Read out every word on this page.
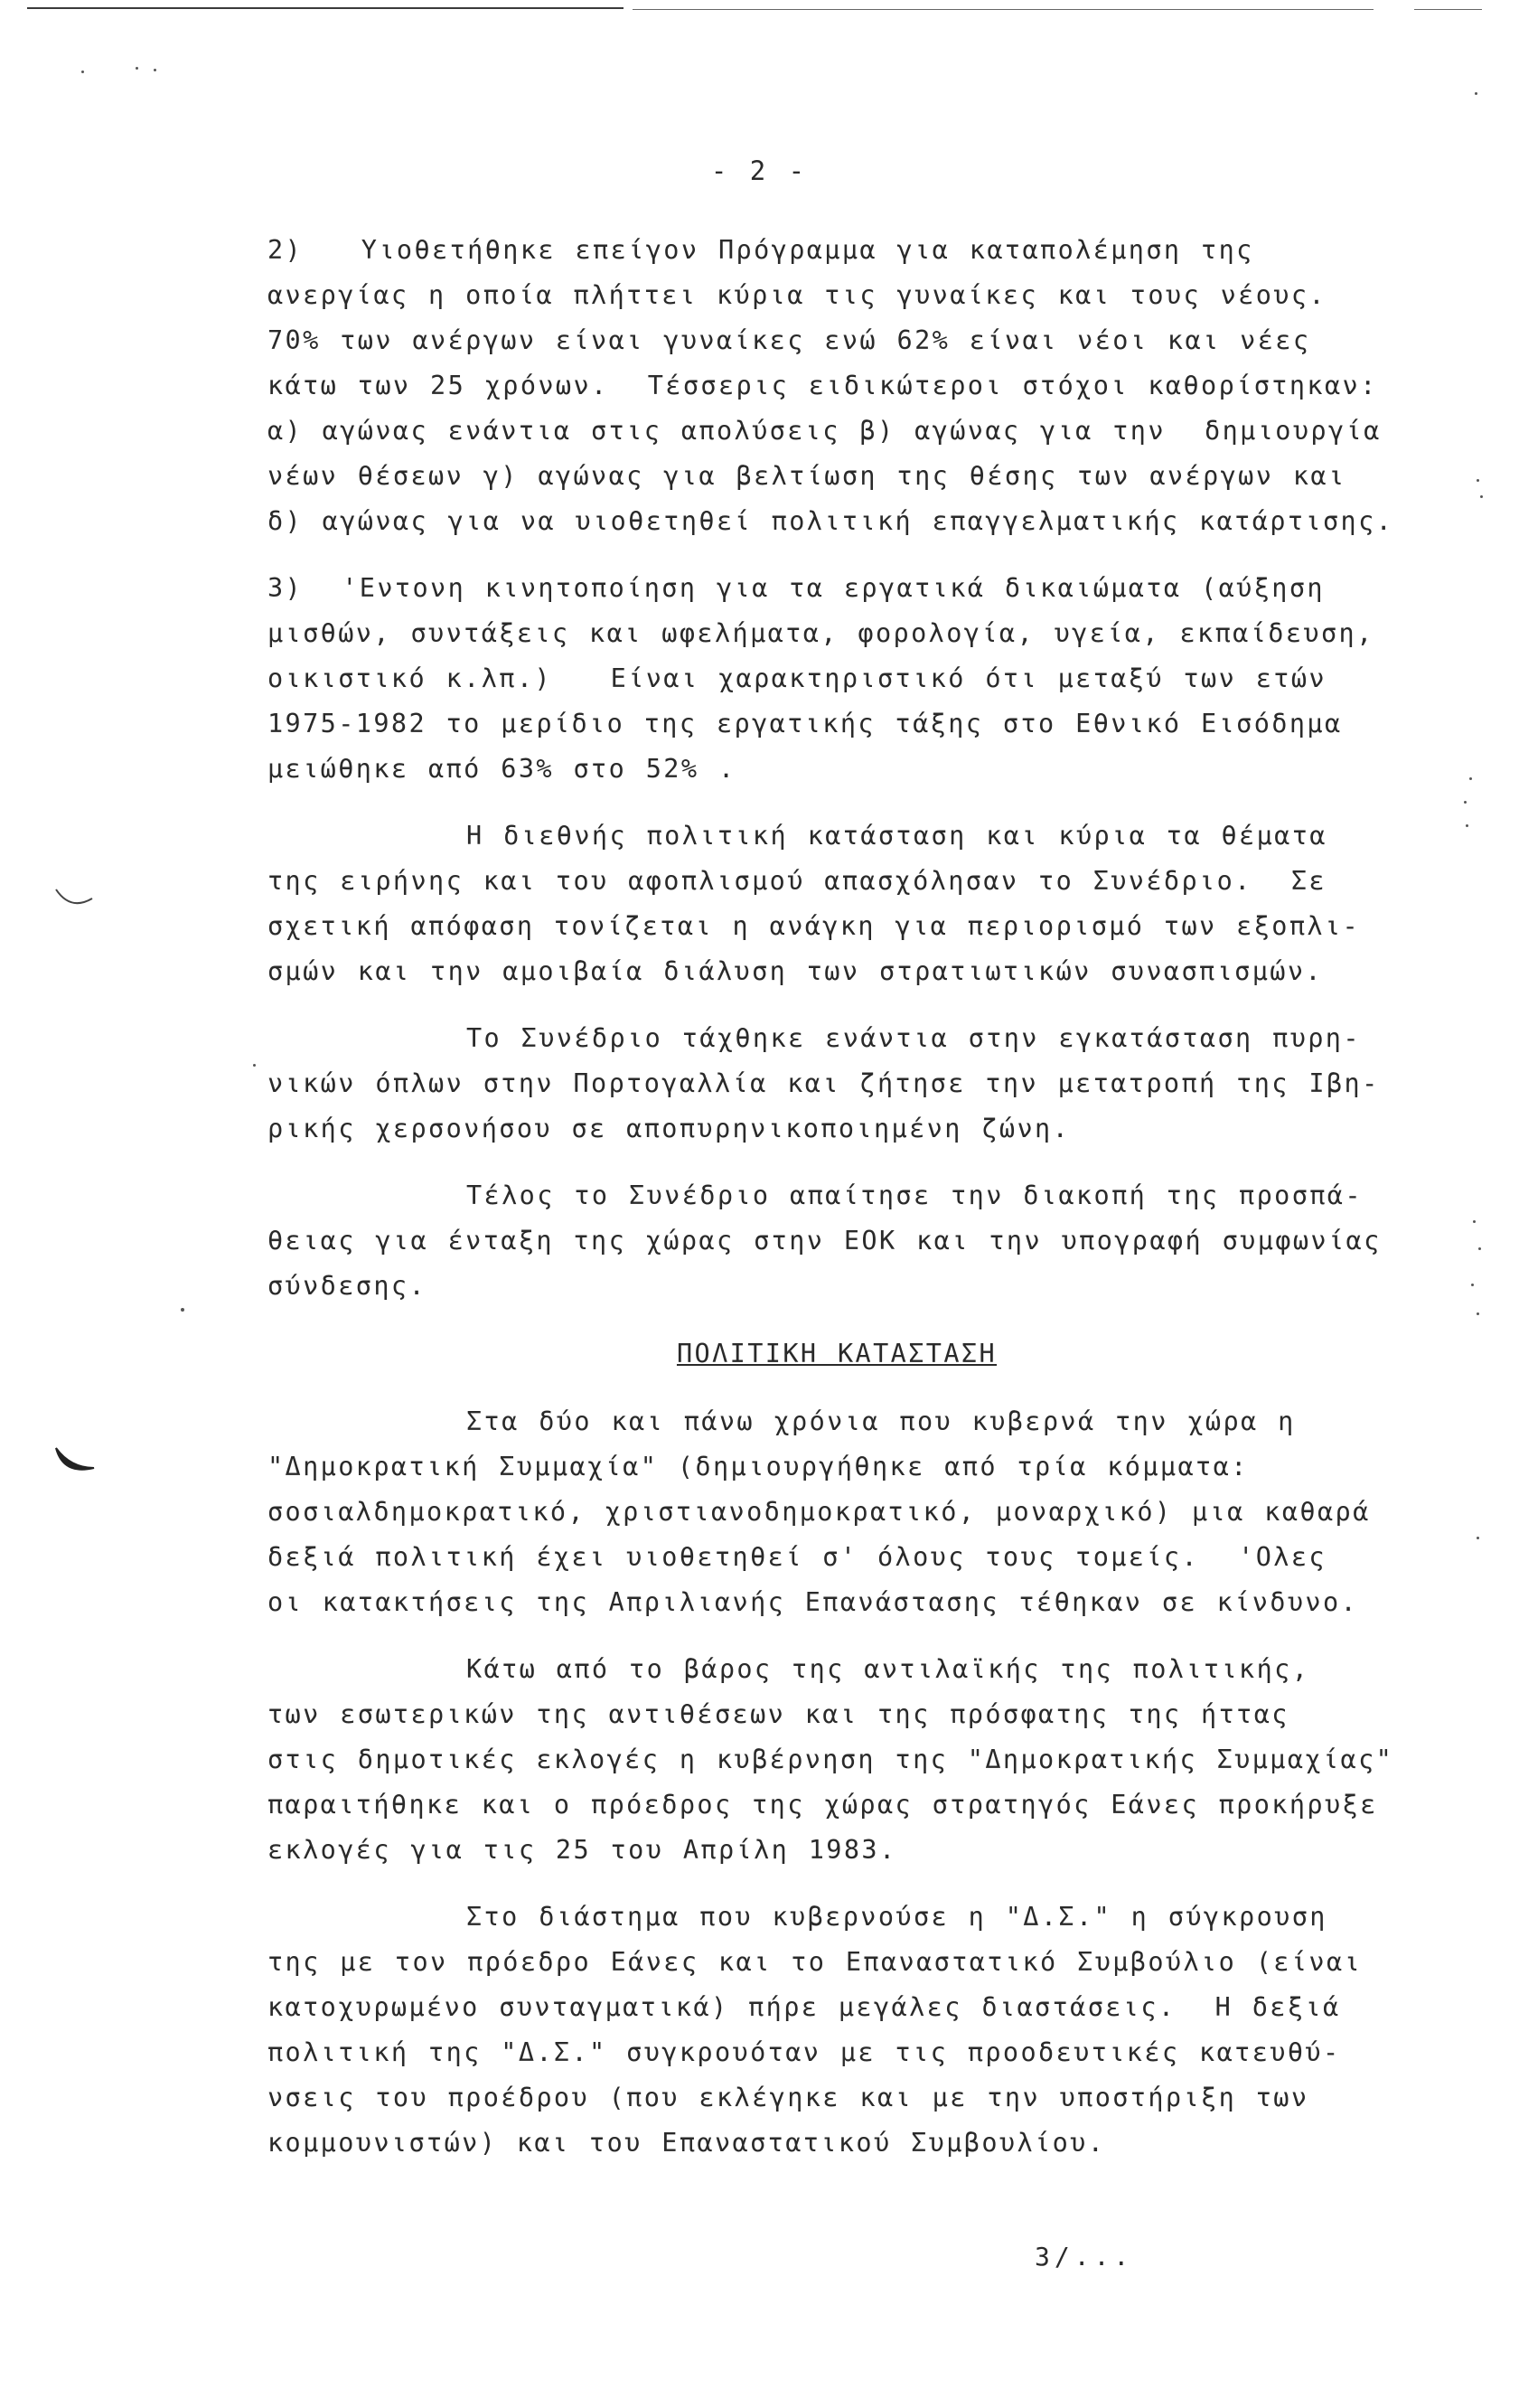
- 2 -
2)   Υιοθετήθηκε επείγον Πρόγραμμα για καταπολέμηση της
ανεργίας η οποία πλήττει κύρια τις γυναίκες και τους νέους.
70% των ανέργων είναι γυναίκες ενώ 62% είναι νέοι και νέες
κάτω των 25 χρόνων.  Τέσσερις ειδικώτεροι στόχοι καθορίστηκαν:
α) αγώνας ενάντια στις απολύσεις β) αγώνας για την  δημιουργία
νέων θέσεων γ) αγώνας για βελτίωση της θέσης των ανέργων και
δ) αγώνας για να υιοθετηθεί πολιτική επαγγελματικής κατάρτισης.
3)  'Εντονη κινητοποίηση για τα εργατικά δικαιώματα (αύξηση
μισθών, συντάξεις και ωφελήματα, φορολογία, υγεία, εκπαίδευση,
οικιστικό κ.λπ.)   Είναι χαρακτηριστικό ότι μεταξύ των ετών
1975-1982 το μερίδιο της εργατικής τάξης στο Εθνικό Εισόδημα
μειώθηκε από 63% στο 52% .
Η διεθνής πολιτική κατάσταση και κύρια τα θέματα
της ειρήνης και του αφοπλισμού απασχόλησαν το Συνέδριο.  Σε
σχετική απόφαση τονίζεται η ανάγκη για περιορισμό των εξοπλι-
σμών και την αμοιβαία διάλυση των στρατιωτικών συνασπισμών.
Το Συνέδριο τάχθηκε ενάντια στην εγκατάσταση πυρη-
νικών όπλων στην Πορτογαλλία και ζήτησε την μετατροπή της Ιβη-
ρικής χερσονήσου σε αποπυρηνικοποιημένη ζώνη.
Τέλος το Συνέδριο απαίτησε την διακοπή της προσπά-
θειας για ένταξη της χώρας στην ΕΟΚ και την υπογραφή συμφωνίας
σύνδεσης.
ΠΟΛΙΤΙΚΗ ΚΑΤΑΣΤΑΣΗ
Στα δύο και πάνω χρόνια που κυβερνά την χώρα η
"Δημοκρατική Συμμαχία" (δημιουργήθηκε από τρία κόμματα:
σοσιαλδημοκρατικό, χριστιανοδημοκρατικό, μοναρχικό) μια καθαρά
δεξιά πολιτική έχει υιοθετηθεί σ' όλους τους τομείς.  'Ολες
οι κατακτήσεις της Απριλιανής Επανάστασης τέθηκαν σε κίνδυνο.
Κάτω από το βάρος της αντιλαϊκής της πολιτικής,
των εσωτερικών της αντιθέσεων και της πρόσφατης της ήττας
στις δημοτικές εκλογές η κυβέρνηση της "Δημοκρατικής Συμμαχίας"
παραιτήθηκε και ο πρόεδρος της χώρας στρατηγός Εάνες προκήρυξε
εκλογές για τις 25 του Απρίλη 1983.
Στο διάστημα που κυβερνούσε η "Δ.Σ." η σύγκρουση
της με τον πρόεδρο Εάνες και το Επαναστατικό Συμβούλιο (είναι
κατοχυρωμένο συνταγματικά) πήρε μεγάλες διαστάσεις.  Η δεξιά
πολιτική της "Δ.Σ." συγκρουόταν με τις προοδευτικές κατευθύ-
νσεις του προέδρου (που εκλέγηκε και με την υποστήριξη των
κομμουνιστών) και του Επαναστατικού Συμβουλίου.
3/...
